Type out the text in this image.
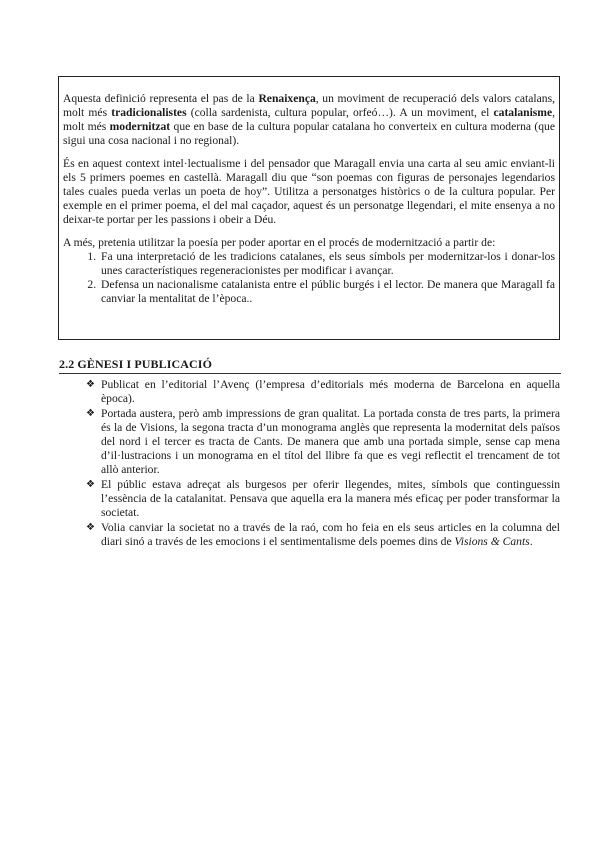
Aquesta definició representa el pas de la Renaixença, un moviment de recuperació dels valors catalans, molt més tradicionalistes (colla sardenista, cultura popular, orfeó…). A un moviment, el catalanisme, molt més modernitzat que en base de la cultura popular catalana ho converteix en cultura moderna (que sigui una cosa nacional i no regional).

És en aquest context intel·lectualisme i del pensador que Maragall envia una carta al seu amic enviant-li els 5 primers poemes en castellà. Maragall diu que “son poemas con figuras de personajes legendarios tales cuales pueda verlas un poeta de hoy”. Utilitza a personatges històrics o de la cultura popular. Per exemple en el primer poema, el del mal caçador, aquest és un personatge llegendari, el mite ensenya a no deixar-te portar per les passions i obeir a Déu.

A més, pretenia utilitzar la poesía per poder aportar en el procés de modernització a partir de:

1. Fa una interpretació de les tradicions catalanes, els seus símbols per modernitzar-los i donar-los unes característiques regeneracionistes per modificar i avançar.
2. Defensa un nacionalisme catalanista entre el públic burgés i el lector. De manera que Maragall fa canviar la mentalitat de l’època..
2.2 GÈNESI I PUBLICACIÓ
❖ Publicat en l’editorial l’Avenç (l’empresa d’editorials més moderna de Barcelona en aquella època).
❖ Portada austera, però amb impressions de gran qualitat. La portada consta de tres parts, la primera és la de Visions, la segona tracta d’un monograma anglès que representa la modernitat dels països del nord i el tercer es tracta de Cants. De manera que amb una portada simple, sense cap mena d’il·lustracions i un monograma en el títol del llibre fa que es vegi reflectit el trencament de tot allò anterior.
❖ El públic estava adreçat als burgesos per oferir llegendes, mites, símbols que continguessin l’essència de la catalanitat. Pensava que aquella era la manera més eficaç per poder transformar la societat.
❖ Volia canviar la societat no a través de la raó, com ho feia en els seus articles en la columna del diari sinó a través de les emocions i el sentimentalisme dels poemes dins de Visions & Cants.
